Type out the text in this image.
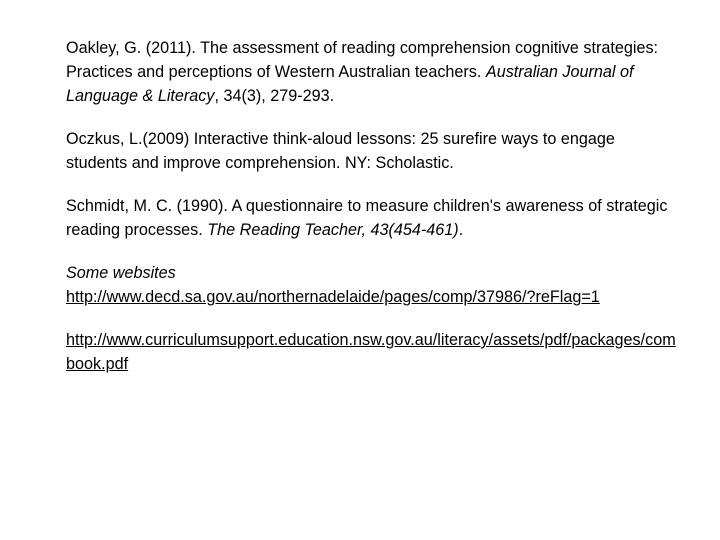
Oakley, G. (2011). The assessment of reading comprehension cognitive strategies: Practices and perceptions of Western Australian teachers. Australian Journal of Language & Literacy, 34(3), 279-293.

Oczkus, L.(2009) Interactive think-aloud lessons: 25 surefire ways to engage students and improve comprehension. NY: Scholastic.

Schmidt, M. C. (1990). A questionnaire to measure children's awareness of strategic reading processes. The Reading Teacher, 43(454-461).

Some websites
http://www.decd.sa.gov.au/northernadelaide/pages/comp/37986/?reFlag=1
http://www.curriculumsupport.education.nsw.gov.au/literacy/assets/pdf/packages/combook.pdf
